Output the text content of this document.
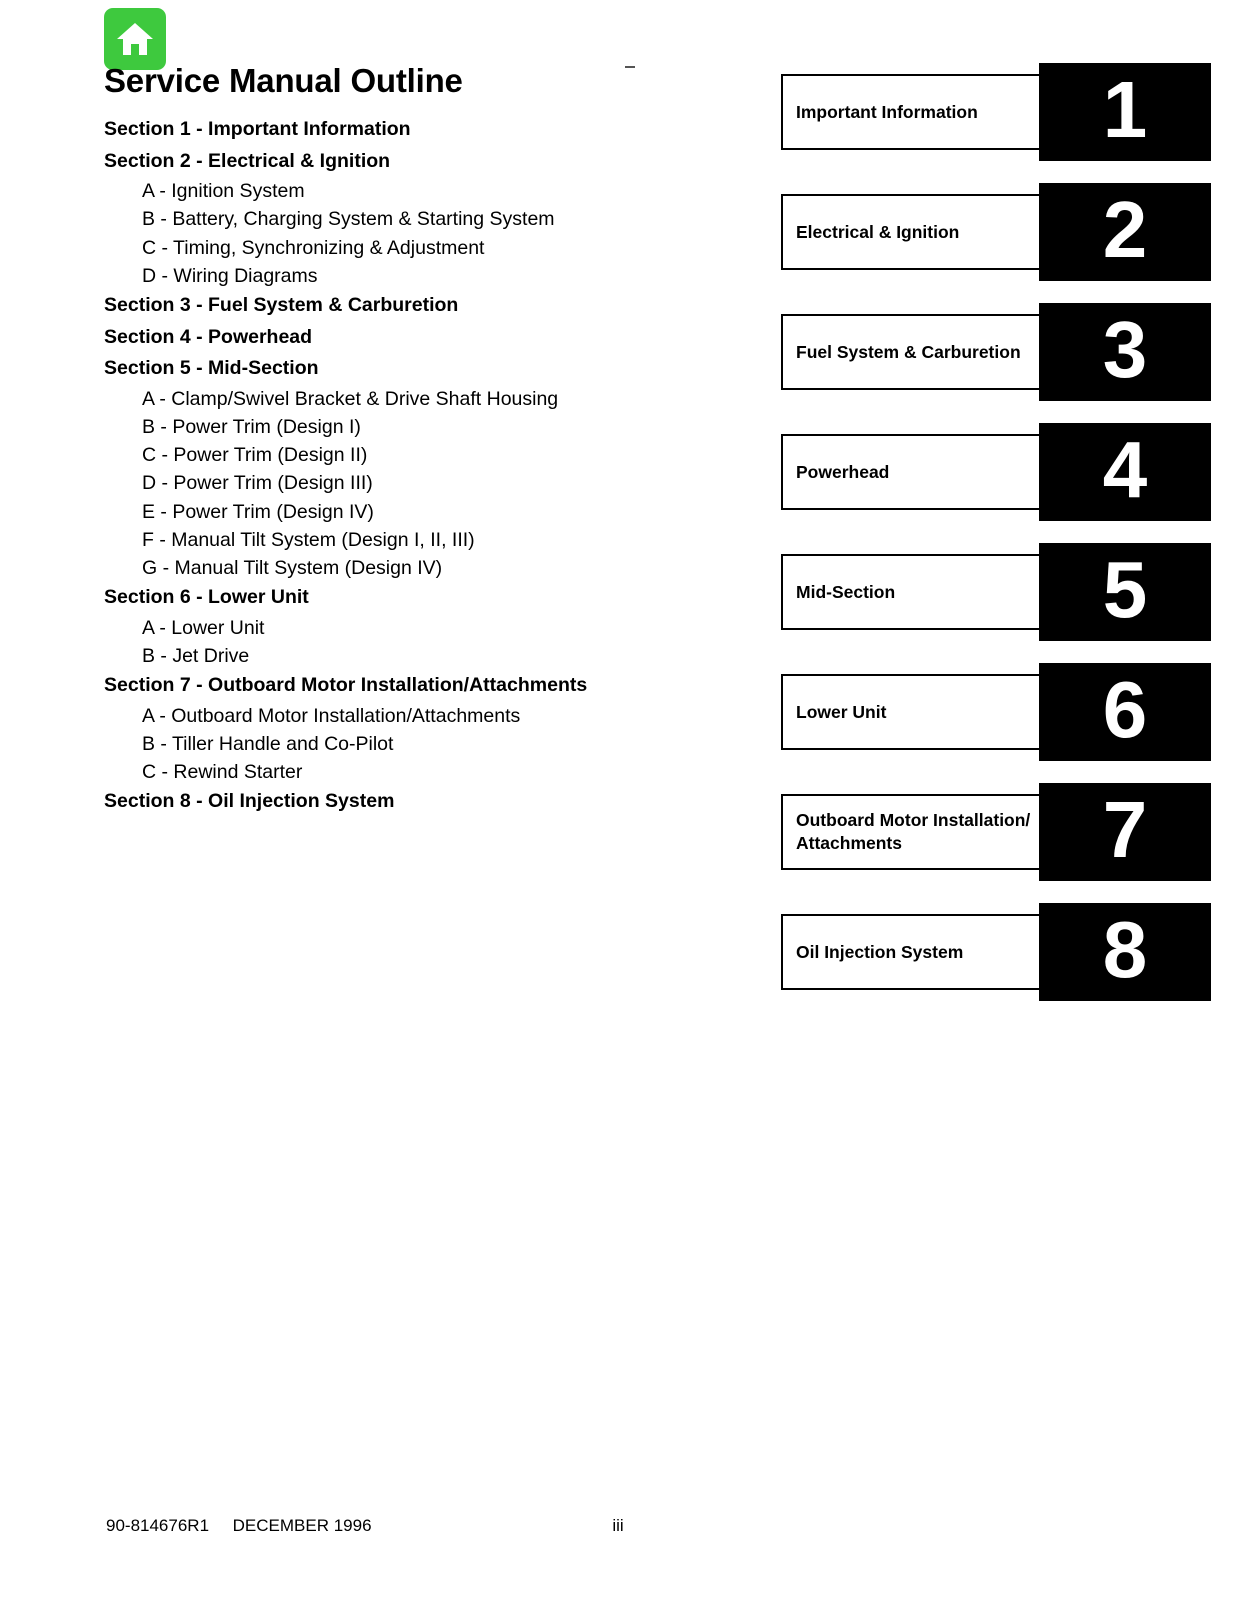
Service Manual Outline

Section 1 - Important Information

Section 2 - Electrical & Ignition

A - Ignition System

B - Battery, Charging System & Starting System

C - Timing, Synchronizing & Adjustment

D - Wiring Diagrams

Section 3 - Fuel System & Carburetion

Section 4 - Powerhead

Section 5 - Mid-Section

A - Clamp/Swivel Bracket & Drive Shaft Housing

B - Power Trim (Design I)

C - Power Trim (Design II)

D - Power Trim (Design III)

E - Power Trim (Design IV)

F - Manual Tilt System (Design I, II, III)

G - Manual Tilt System (Design IV)

Section 6 - Lower Unit

A - Lower Unit

B - Jet Drive

Section 7 - Outboard Motor Installation/Attachments

A - Outboard Motor Installation/Attachments

B - Tiller Handle and Co-Pilot

C - Rewind Starter

Section 8 - Oil Injection System

Important Information	1
Electrical & Ignition	2
Fuel System & Carburetion	3
Powerhead	4
Mid-Section	5
Lower Unit	6
Outboard Motor Installation/ Attachments	7
Oil Injection System	8
90-814676R1     DECEMBER 1996	iii
